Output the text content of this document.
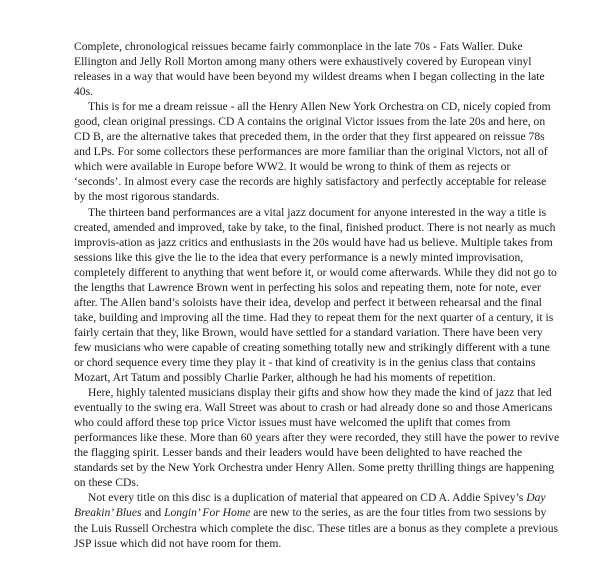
Complete, chronological reissues became fairly commonplace in the late 70s - Fats Waller. Duke Ellington and Jelly Roll Morton among many others were exhaustively covered by European vinyl releases in a way that would have been beyond my wildest dreams when I began collecting in the late 40s.

This is for me a dream reissue - all the Henry Allen New York Orchestra on CD, nicely copied from good, clean original pressings. CD A contains the original Victor issues from the late 20s and here, on CD B, are the alternative takes that preceded them, in the order that they first appeared on reissue 78s and LPs. For some collectors these performances are more familiar than the original Victors, not all of which were available in Europe before WW2. It would be wrong to think of them as rejects or ‘seconds’. In almost every case the records are highly satisfactory and perfectly acceptable for release by the most rigorous standards.

The thirteen band performances are a vital jazz document for anyone interested in the way a title is created, amended and improved, take by take, to the final, finished product. There is not nearly as much improvis-ation as jazz critics and enthusiasts in the 20s would have had us believe. Multiple takes from sessions like this give the lie to the idea that every performance is a newly minted improvisation, completely different to anything that went before it, or would come afterwards. While they did not go to the lengths that Lawrence Brown went in perfecting his solos and repeating them, note for note, ever after. The Allen band’s soloists have their idea, develop and perfect it between rehearsal and the final take, building and improving all the time. Had they to repeat them for the next quarter of a century, it is fairly certain that they, like Brown, would have settled for a standard variation. There have been very few musicians who were capable of creating something totally new and strikingly different with a tune or chord sequence every time they play it - that kind of creativity is in the genius class that contains Mozart, Art Tatum and possibly Charlie Parker, although he had his moments of repetition.

Here, highly talented musicians display their gifts and show how they made the kind of jazz that led eventually to the swing era. Wall Street was about to crash or had already done so and those Americans who could afford these top price Victor issues must have welcomed the uplift that comes from performances like these. More than 60 years after they were recorded, they still have the power to revive the flagging spirit. Lesser bands and their leaders would have been delighted to have reached the standards set by the New York Orchestra under Henry Allen. Some pretty thrilling things are happening on these CDs.

Not every title on this disc is a duplication of material that appeared on CD A. Addie Spivey’s Day Breakin’ Blues and Longin’ For Home are new to the series, as are the four titles from two sessions by the Luis Russell Orchestra which complete the disc. These titles are a bonus as they complete a previous JSP issue which did not have room for them.
